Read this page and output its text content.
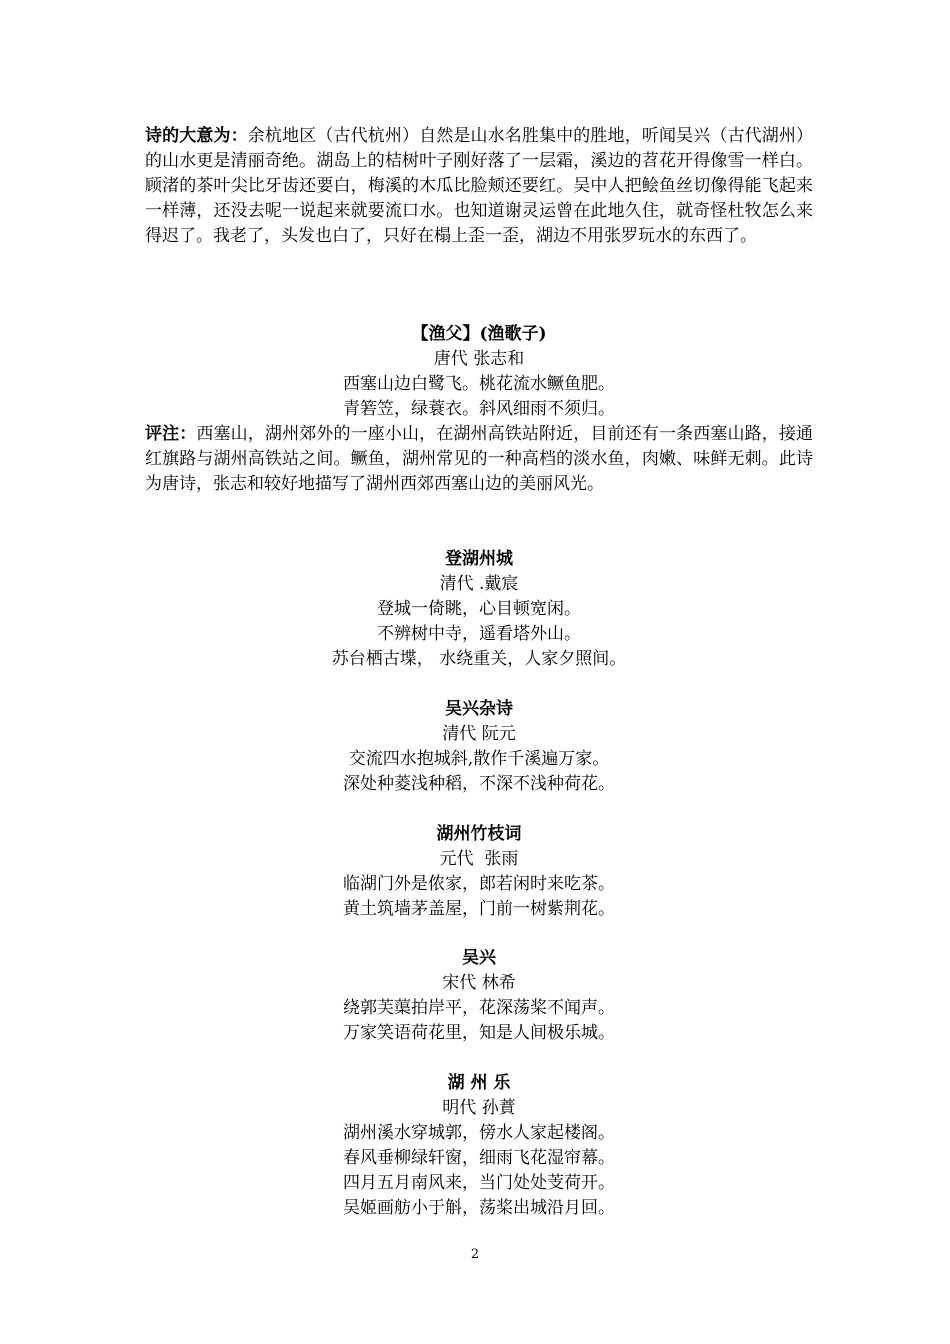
诗的大意为：余杭地区（古代杭州）自然是山水名胜集中的胜地，听闻吴兴（古代湖州）的山水更是清丽奇绝。湖岛上的桔树叶子刚好落了一层霜，溪边的苕花开得像雪一样白。顾渚的茶叶尖比牙齿还要白，梅溪的木瓜比脸颊还要红。吴中人把鲙鱼丝切像得能飞起来一样薄，还没去呢一说起来就要流口水。也知道谢灵运曾在此地久住，就奇怪杜牧怎么来得迟了。我老了，头发也白了，只好在榻上歪一歪，湖边不用张罗玩水的东西了。
【渔父】(渔歌子)
唐代 张志和
西塞山边白鹭飞。桃花流水鳜鱼肥。
青箬笠，绿蓑衣。斜风细雨不须归。
评注：西塞山，湖州郊外的一座小山，在湖州高铁站附近，目前还有一条西塞山路，接通红旗路与湖州高铁站之间。鳜鱼，湖州常见的一种高档的淡水鱼，肉嫩、味鲜无刺。此诗为唐诗，张志和较好地描写了湖州西郊西塞山边的美丽风光。
登湖州城
清代 .戴宸
登城一倚眺，心目顿宽闲。
不辨树中寺，遥看塔外山。
苏台栖古堞， 水绕重关，人家夕照间。
吴兴杂诗
清代 阮元
交流四水抱城斜,散作千溪遍万家。
深处种菱浅种稻，不深不浅种荷花。
湖州竹枝词
元代  张雨
临湖门外是侬家，郎若闲时来吃茶。
黄土筑墙茅盖屋，门前一树紫荆花。
吴兴
宋代 林希
绕郭芙蕖拍岸平，花深荡桨不闻声。
万家笑语荷花里，知是人间极乐城。
湖 州 乐
明代 孙蕡
湖州溪水穿城郭，傍水人家起楼阁。
春风垂柳绿轩窗，细雨飞花湿帘幕。
四月五月南风来，当门处处芰荷开。
吴姬画舫小于斛，荡桨出城沿月回。
2
